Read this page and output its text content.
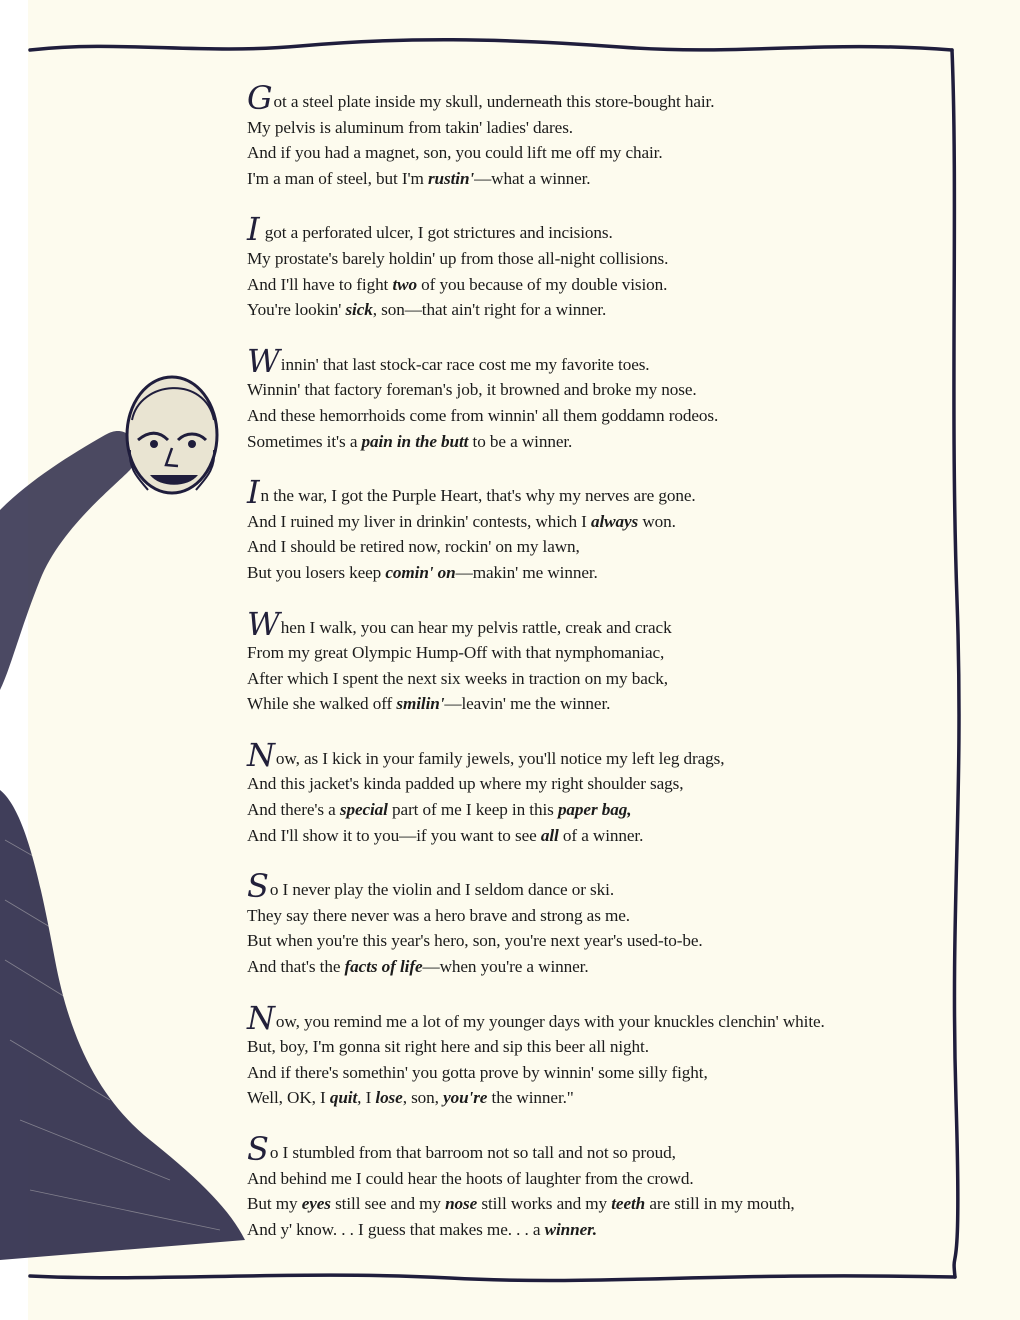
Got a steel plate inside my skull, underneath this store-bought hair.
My pelvis is aluminum from takin' ladies' dares.
And if you had a magnet, son, you could lift me off my chair.
I'm a man of steel, but I'm rustin'—what a winner.
I got a perforated ulcer, I got strictures and incisions.
My prostate's barely holdin' up from those all-night collisions.
And I'll have to fight two of you because of my double vision.
You're lookin' sick, son—that ain't right for a winner.
Winnin' that last stock-car race cost me my favorite toes.
Winnin' that factory foreman's job, it browned and broke my nose.
And these hemorrhoids come from winnin' all them goddamn rodeos.
Sometimes it's a pain in the butt to be a winner.
In the war, I got the Purple Heart, that's why my nerves are gone.
And I ruined my liver in drinkin' contests, which I always won.
And I should be retired now, rockin' on my lawn,
But you losers keep comin' on—makin' me winner.
When I walk, you can hear my pelvis rattle, creak and crack
From my great Olympic Hump-Off with that nymphomaniac,
After which I spent the next six weeks in traction on my back,
While she walked off smilin'—leavin' me the winner.
Now, as I kick in your family jewels, you'll notice my left leg drags,
And this jacket's kinda padded up where my right shoulder sags,
And there's a special part of me I keep in this paper bag,
And I'll show it to you—if you want to see all of a winner.
So I never play the violin and I seldom dance or ski.
They say there never was a hero brave and strong as me.
But when you're this year's hero, son, you're next year's used-to-be.
And that's the facts of life—when you're a winner.
Now, you remind me a lot of my younger days with your knuckles clenchin' white.
But, boy, I'm gonna sit right here and sip this beer all night.
And if there's somethin' you gotta prove by winnin' some silly fight,
Well, OK, I quit, I lose, son, you're the winner."
So I stumbled from that barroom not so tall and not so proud,
And behind me I could hear the hoots of laughter from the crowd.
But my eyes still see and my nose still works and my teeth are still in my mouth,
And y' know. . . I guess that makes me. . . a winner.
